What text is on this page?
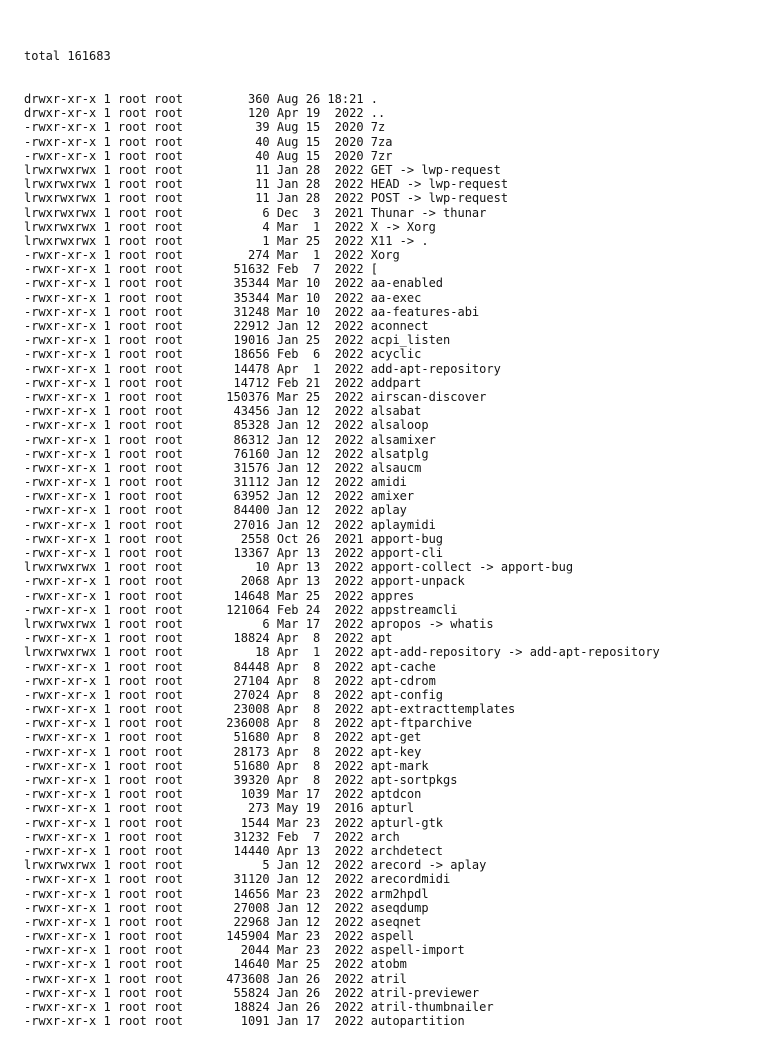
total 161683

drwxr-xr-x 1 root root         360 Aug 26 18:21 .
drwxr-xr-x 1 root root         120 Apr 19  2022 ..
-rwxr-xr-x 1 root root          39 Aug 15  2020 7z
-rwxr-xr-x 1 root root          40 Aug 15  2020 7za
-rwxr-xr-x 1 root root          40 Aug 15  2020 7zr
lrwxrwxrwx 1 root root          11 Jan 28  2022 GET -> lwp-request
lrwxrwxrwx 1 root root          11 Jan 28  2022 HEAD -> lwp-request
lrwxrwxrwx 1 root root          11 Jan 28  2022 POST -> lwp-request
lrwxrwxrwx 1 root root           6 Dec  3  2021 Thunar -> thunar
lrwxrwxrwx 1 root root           4 Mar  1  2022 X -> Xorg
lrwxrwxrwx 1 root root           1 Mar 25  2022 X11 -> .
-rwxr-xr-x 1 root root         274 Mar  1  2022 Xorg
-rwxr-xr-x 1 root root       51632 Feb  7  2022 [
-rwxr-xr-x 1 root root       35344 Mar 10  2022 aa-enabled
-rwxr-xr-x 1 root root       35344 Mar 10  2022 aa-exec
-rwxr-xr-x 1 root root       31248 Mar 10  2022 aa-features-abi
-rwxr-xr-x 1 root root       22912 Jan 12  2022 aconnect
-rwxr-xr-x 1 root root       19016 Jan 25  2022 acpi_listen
-rwxr-xr-x 1 root root       18656 Feb  6  2022 acyclic
-rwxr-xr-x 1 root root       14478 Apr  1  2022 add-apt-repository
-rwxr-xr-x 1 root root       14712 Feb 21  2022 addpart
-rwxr-xr-x 1 root root      150376 Mar 25  2022 airscan-discover
-rwxr-xr-x 1 root root       43456 Jan 12  2022 alsabat
-rwxr-xr-x 1 root root       85328 Jan 12  2022 alsaloop
-rwxr-xr-x 1 root root       86312 Jan 12  2022 alsamixer
-rwxr-xr-x 1 root root       76160 Jan 12  2022 alsatplg
-rwxr-xr-x 1 root root       31576 Jan 12  2022 alsaucm
-rwxr-xr-x 1 root root       31112 Jan 12  2022 amidi
-rwxr-xr-x 1 root root       63952 Jan 12  2022 amixer
-rwxr-xr-x 1 root root       84400 Jan 12  2022 aplay
-rwxr-xr-x 1 root root       27016 Jan 12  2022 aplaymidi
-rwxr-xr-x 1 root root        2558 Oct 26  2021 apport-bug
-rwxr-xr-x 1 root root       13367 Apr 13  2022 apport-cli
lrwxrwxrwx 1 root root          10 Apr 13  2022 apport-collect -> apport-bug
-rwxr-xr-x 1 root root        2068 Apr 13  2022 apport-unpack
-rwxr-xr-x 1 root root       14648 Mar 25  2022 appres
-rwxr-xr-x 1 root root      121064 Feb 24  2022 appstreamcli
lrwxrwxrwx 1 root root           6 Mar 17  2022 apropos -> whatis
-rwxr-xr-x 1 root root       18824 Apr  8  2022 apt
lrwxrwxrwx 1 root root          18 Apr  1  2022 apt-add-repository -> add-apt-repository
-rwxr-xr-x 1 root root       84448 Apr  8  2022 apt-cache
-rwxr-xr-x 1 root root       27104 Apr  8  2022 apt-cdrom
-rwxr-xr-x 1 root root       27024 Apr  8  2022 apt-config
-rwxr-xr-x 1 root root       23008 Apr  8  2022 apt-extracttemplates
-rwxr-xr-x 1 root root      236008 Apr  8  2022 apt-ftparchive
-rwxr-xr-x 1 root root       51680 Apr  8  2022 apt-get
-rwxr-xr-x 1 root root       28173 Apr  8  2022 apt-key
-rwxr-xr-x 1 root root       51680 Apr  8  2022 apt-mark
-rwxr-xr-x 1 root root       39320 Apr  8  2022 apt-sortpkgs
-rwxr-xr-x 1 root root        1039 Mar 17  2022 aptdcon
-rwxr-xr-x 1 root root         273 May 19  2016 apturl
-rwxr-xr-x 1 root root        1544 Mar 23  2022 apturl-gtk
-rwxr-xr-x 1 root root       31232 Feb  7  2022 arch
-rwxr-xr-x 1 root root       14440 Apr 13  2022 archdetect
lrwxrwxrwx 1 root root           5 Jan 12  2022 arecord -> aplay
-rwxr-xr-x 1 root root       31120 Jan 12  2022 arecordmidi
-rwxr-xr-x 1 root root       14656 Mar 23  2022 arm2hpdl
-rwxr-xr-x 1 root root       27008 Jan 12  2022 aseqdump
-rwxr-xr-x 1 root root       22968 Jan 12  2022 aseqnet
-rwxr-xr-x 1 root root      145904 Mar 23  2022 aspell
-rwxr-xr-x 1 root root        2044 Mar 23  2022 aspell-import
-rwxr-xr-x 1 root root       14640 Mar 25  2022 atobm
-rwxr-xr-x 1 root root      473608 Jan 26  2022 atril
-rwxr-xr-x 1 root root       55824 Jan 26  2022 atril-previewer
-rwxr-xr-x 1 root root       18824 Jan 26  2022 atril-thumbnailer
-rwxr-xr-x 1 root root        1091 Jan 17  2022 autopartition
